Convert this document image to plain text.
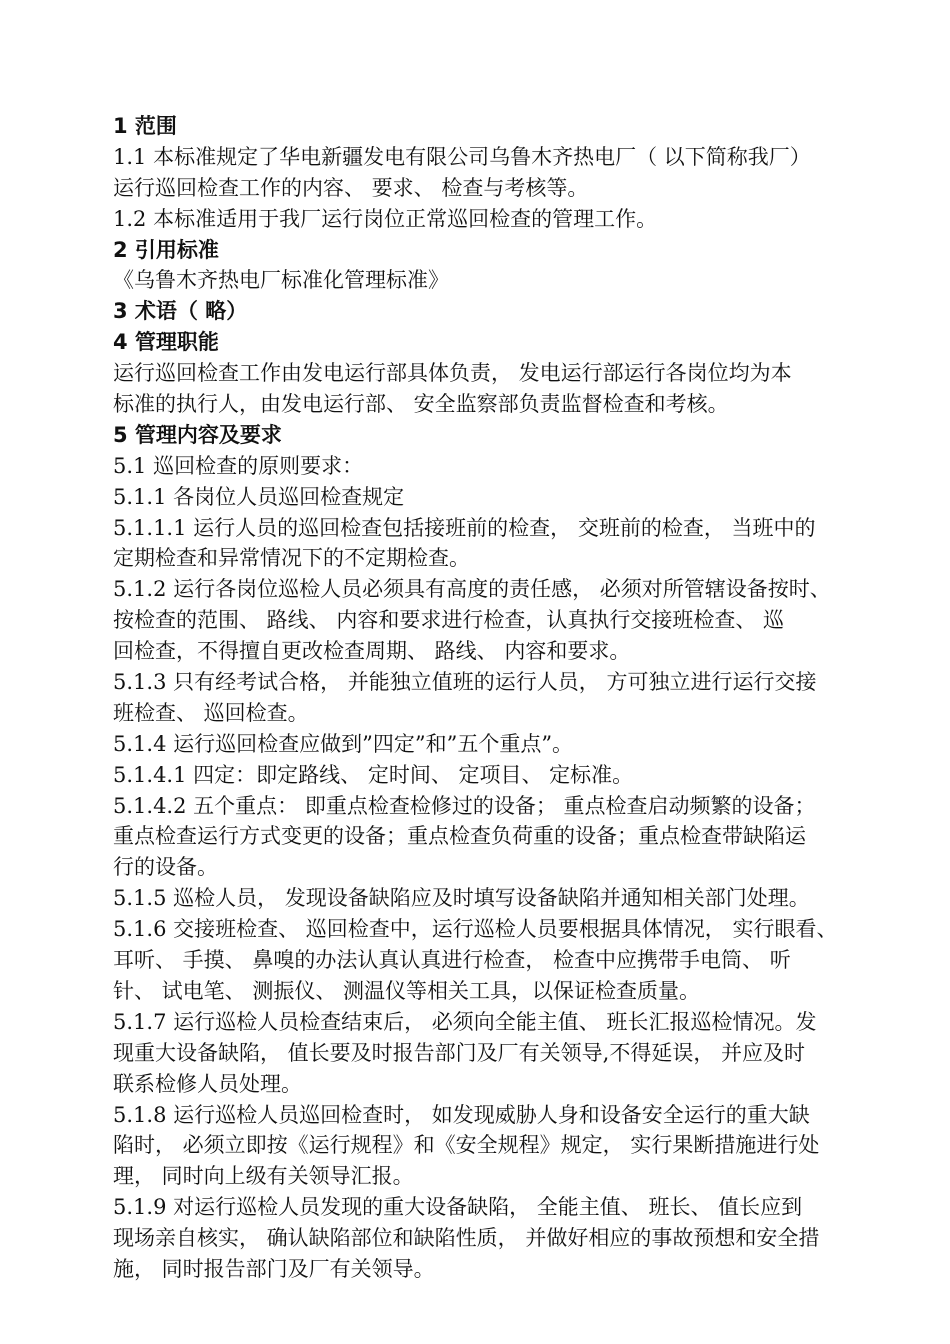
1 范围
1.1 本标准规定了华电新疆发电有限公司乌鲁木齐热电厂（ 以下简称我厂）
运行巡回检查工作的内容、 要求、 检查与考核等。
1.2 本标准适用于我厂运行岗位正常巡回检查的管理工作。
2 引用标准
《乌鲁木齐热电厂标准化管理标准》
3 术语（ 略）
4 管理职能
运行巡回检查工作由发电运行部具体负责， 发电运行部运行各岗位均为本
标准的执行人，由发电运行部、 安全监察部负责监督检查和考核。
5 管理内容及要求
5.1 巡回检查的原则要求：
5.1.1 各岗位人员巡回检查规定
5.1.1.1 运行人员的巡回检查包括接班前的检查， 交班前的检查， 当班中的
定期检查和异常情况下的不定期检查。
5.1.2 运行各岗位巡检人员必须具有高度的责任感， 必须对所管辖设备按时、
按检查的范围、 路线、 内容和要求进行检查，认真执行交接班检查、 巡
回检查，不得擅自更改检查周期、 路线、 内容和要求。
5.1.3 只有经考试合格， 并能独立值班的运行人员， 方可独立进行运行交接
班检查、 巡回检查。
5.1.4 运行巡回检查应做到”四定”和”五个重点”。
5.1.4.1 四定：即定路线、 定时间、 定项目、 定标准。
5.1.4.2 五个重点： 即重点检查检修过的设备； 重点检查启动频繁的设备；
重点检查运行方式变更的设备；重点检查负荷重的设备；重点检查带缺陷运
行的设备。
5.1.5 巡检人员， 发现设备缺陷应及时填写设备缺陷并通知相关部门处理。
5.1.6 交接班检查、 巡回检查中，运行巡检人员要根据具体情况， 实行眼看、
耳听、 手摸、 鼻嗅的办法认真认真进行检查， 检查中应携带手电筒、 听
针、 试电笔、 测振仪、 测温仪等相关工具，以保证检查质量。
5.1.7 运行巡检人员检查结束后， 必须向全能主值、 班长汇报巡检情况。发
现重大设备缺陷， 值长要及时报告部门及厂有关领导,不得延误， 并应及时
联系检修人员处理。
5.1.8 运行巡检人员巡回检查时， 如发现威胁人身和设备安全运行的重大缺
陷时， 必须立即按《运行规程》和《安全规程》规定， 实行果断措施进行处
理， 同时向上级有关领导汇报。
5.1.9 对运行巡检人员发现的重大设备缺陷， 全能主值、 班长、 值长应到
现场亲自核实， 确认缺陷部位和缺陷性质， 并做好相应的事故预想和安全措
施， 同时报告部门及厂有关领导。
